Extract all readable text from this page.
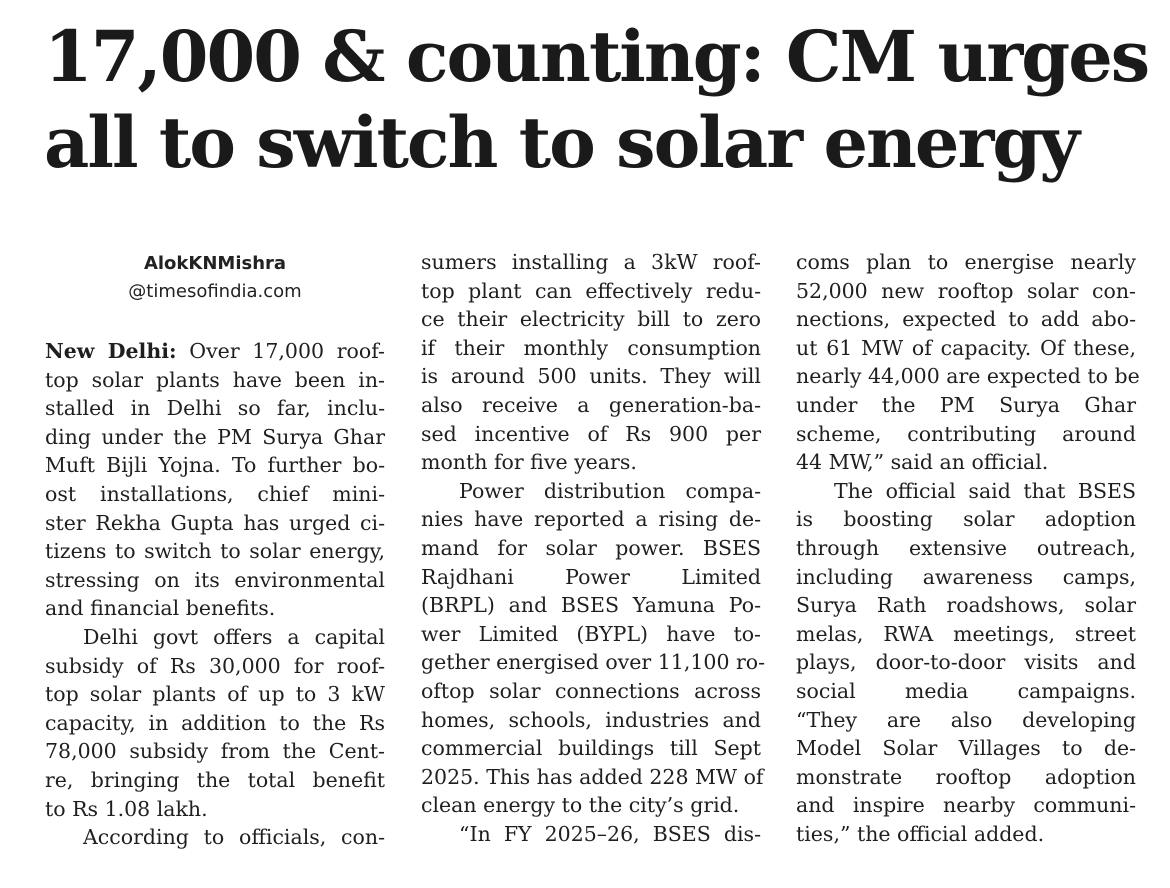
17,000 & counting: CM urges
all to switch to solar energy
AlokKNMishra
@timesofindia.com
New Delhi: Over 17,000 roof-
top solar plants have been in-
stalled in Delhi so far, inclu-
ding under the PM Surya Ghar
Muft Bijli Yojna. To further bo-
ost installations, chief mini-
ster Rekha Gupta has urged ci-
tizens to switch to solar energy,
stressing on its environmental
and financial benefits.
Delhi govt offers a capital
subsidy of Rs 30,000 for roof-
top solar plants of up to 3 kW
capacity, in addition to the Rs
78,000 subsidy from the Cent-
re, bringing the total benefit
to Rs 1.08 lakh.
According to officials, con-
sumers installing a 3kW roof-
top plant can effectively redu-
ce their electricity bill to zero
if their monthly consumption
is around 500 units. They will
also receive a generation-ba-
sed incentive of Rs 900 per
month for five years.
Power distribution compa-
nies have reported a rising de-
mand for solar power. BSES
Rajdhani Power Limited
(BRPL) and BSES Yamuna Po-
wer Limited (BYPL) have to-
gether energised over 11,100 ro-
oftop solar connections across
homes, schools, industries and
commercial buildings till Sept
2025. This has added 228 MW of
clean energy to the city’s grid.
“In FY 2025–26, BSES dis-
coms plan to energise nearly
52,000 new rooftop solar con-
nections, expected to add abo-
ut 61 MW of capacity. Of these,
nearly 44,000 are expected to be
under the PM Surya Ghar
scheme, contributing around
44 MW,” said an official.
The official said that BSES
is boosting solar adoption
through extensive outreach,
including awareness camps,
Surya Rath roadshows, solar
melas, RWA meetings, street
plays, door-to-door visits and
social media campaigns.
“They are also developing
Model Solar Villages to de-
monstrate rooftop adoption
and inspire nearby communi-
ties,” the official added.
